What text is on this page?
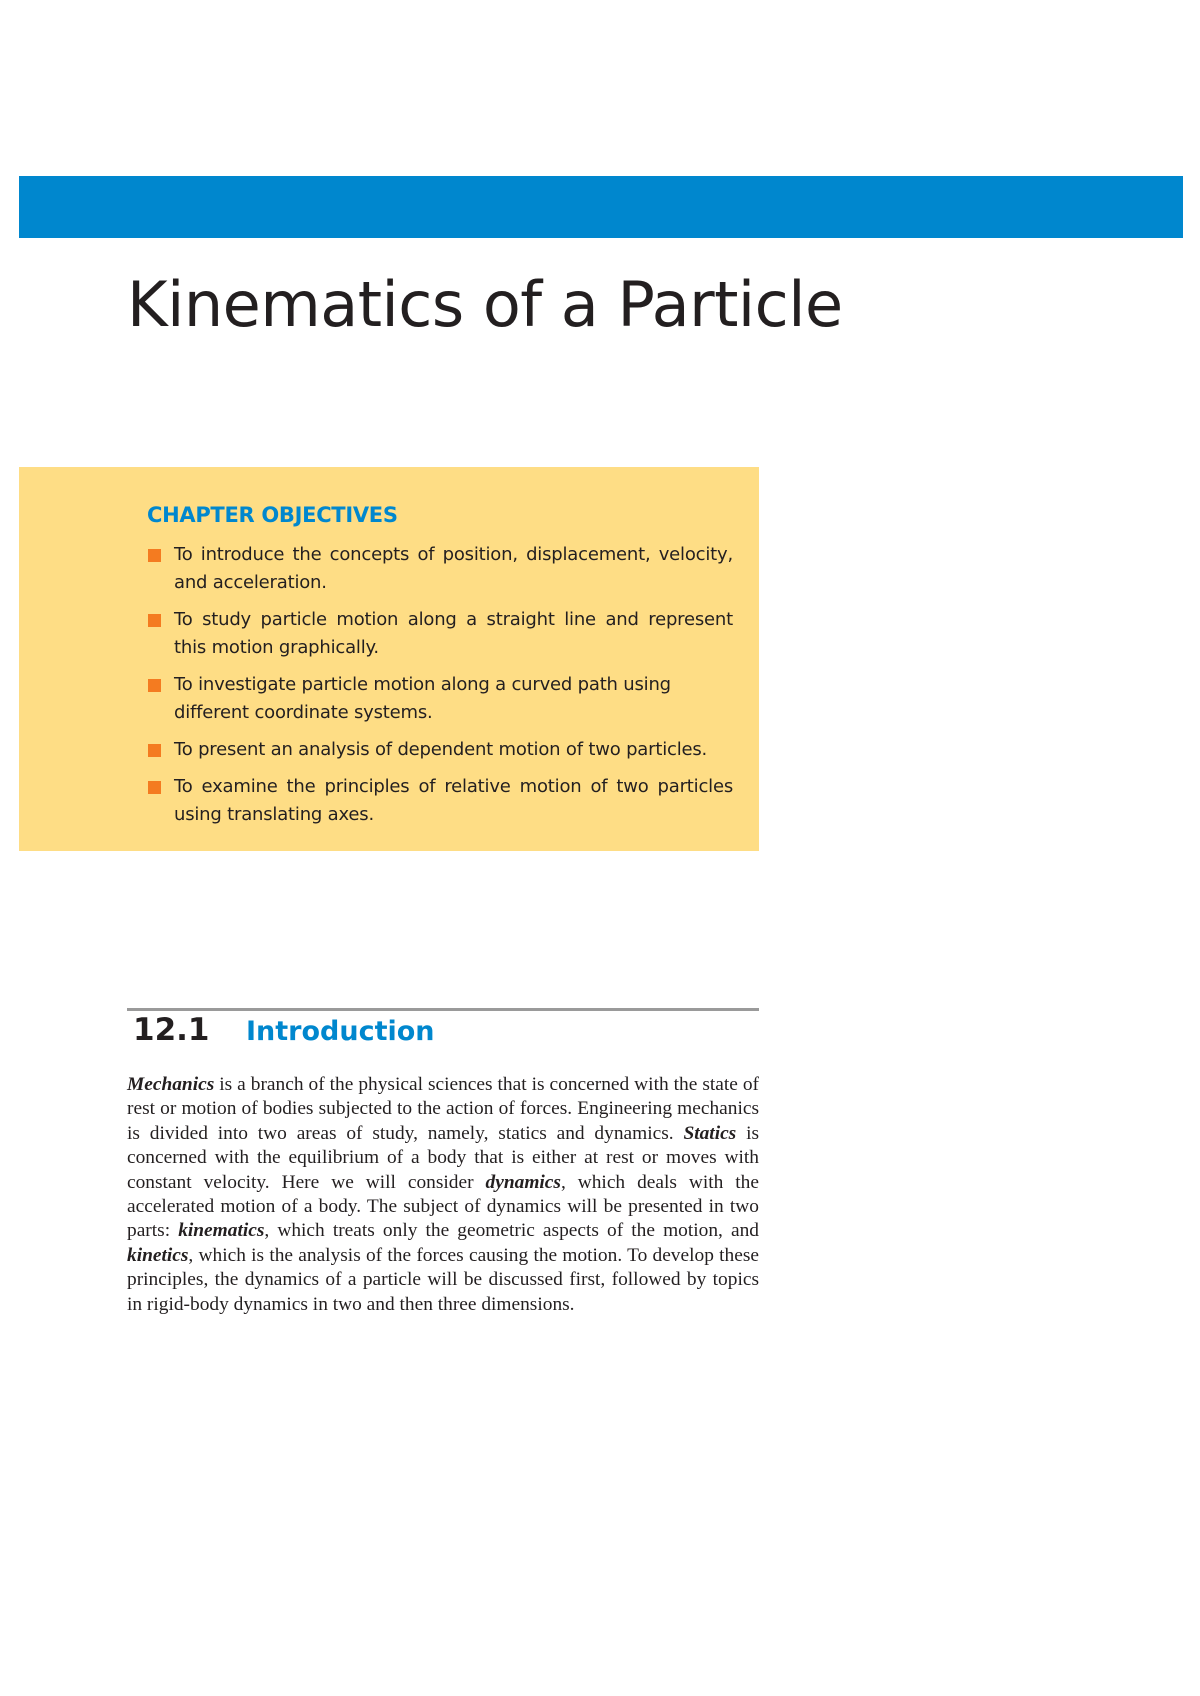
Kinematics of a Particle
CHAPTER OBJECTIVES
To introduce the concepts of position, displacement, velocity, and acceleration.
To study particle motion along a straight line and represent this motion graphically.
To investigate particle motion along a curved path using different coordinate systems.
To present an analysis of dependent motion of two particles.
To examine the principles of relative motion of two particles using translating axes.
12.1	Introduction

Mechanics is a branch of the physical sciences that is concerned with the state of rest or motion of bodies subjected to the action of forces. Engineering mechanics is divided into two areas of study, namely, statics and dynamics. Statics is concerned with the equilibrium of a body that is either at rest or moves with constant velocity. Here we will consider dynamics, which deals with the accelerated motion of a body. The subject of dynamics will be presented in two parts: kinematics, which treats only the geometric aspects of the motion, and kinetics, which is the analysis of the forces causing the motion. To develop these principles, the dynamics of a particle will be discussed first, followed by topics in rigid-body dynamics in two and then three dimensions.
